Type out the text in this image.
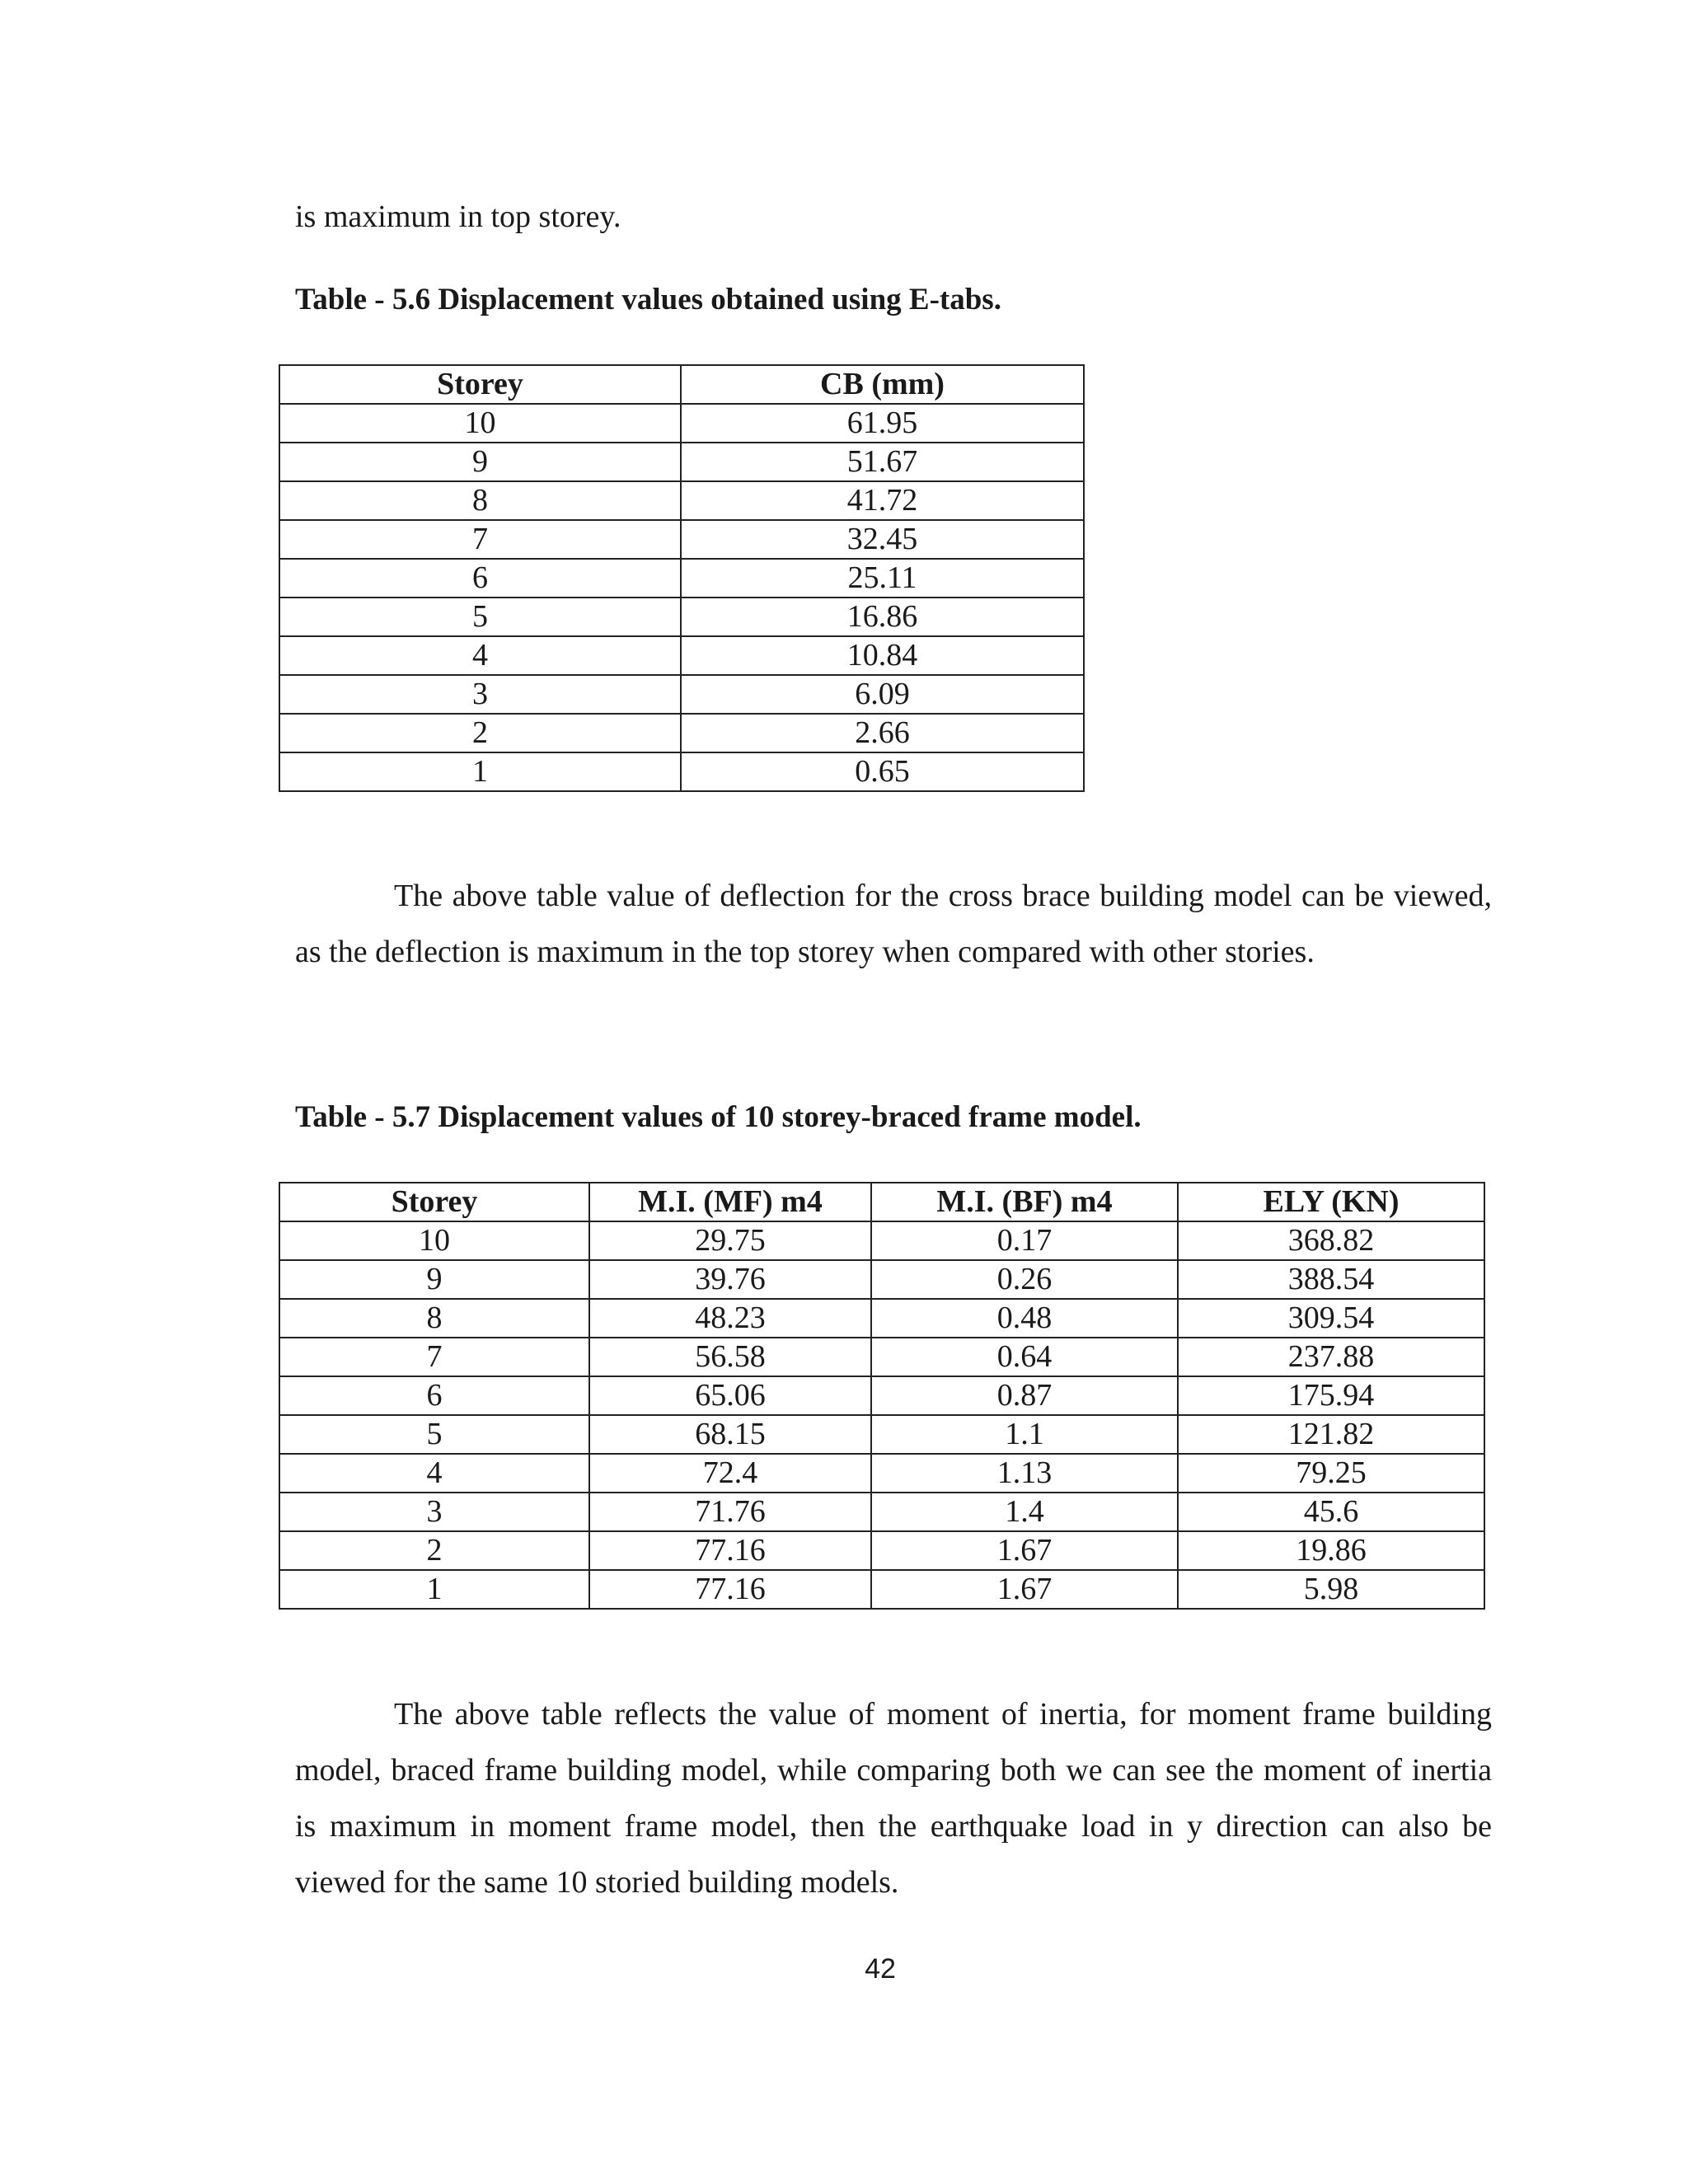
is maximum in top storey.
Table - 5.6 Displacement values obtained using E-tabs.
Storey	CB (mm)
10	61.95
9	51.67
8	41.72
7	32.45
6	25.11
5	16.86
4	10.84
3	6.09
2	2.66
1	0.65
The above table value of deflection for the cross brace building model can be viewed, as the deflection is maximum in the top storey when compared with other stories.
Table - 5.7 Displacement values of 10 storey-braced frame model.
Storey	M.I. (MF) m4	M.I. (BF) m4	ELY (KN)
10	29.75	0.17	368.82
9	39.76	0.26	388.54
8	48.23	0.48	309.54
7	56.58	0.64	237.88
6	65.06	0.87	175.94
5	68.15	1.1	121.82
4	72.4	1.13	79.25
3	71.76	1.4	45.6
2	77.16	1.67	19.86
1	77.16	1.67	5.98
The above table reflects the value of moment of inertia, for moment frame building model, braced frame building model, while comparing both we can see the moment of inertia is maximum in moment frame model, then the earthquake load in y direction can also be viewed for the same 10 storied building models.
42
